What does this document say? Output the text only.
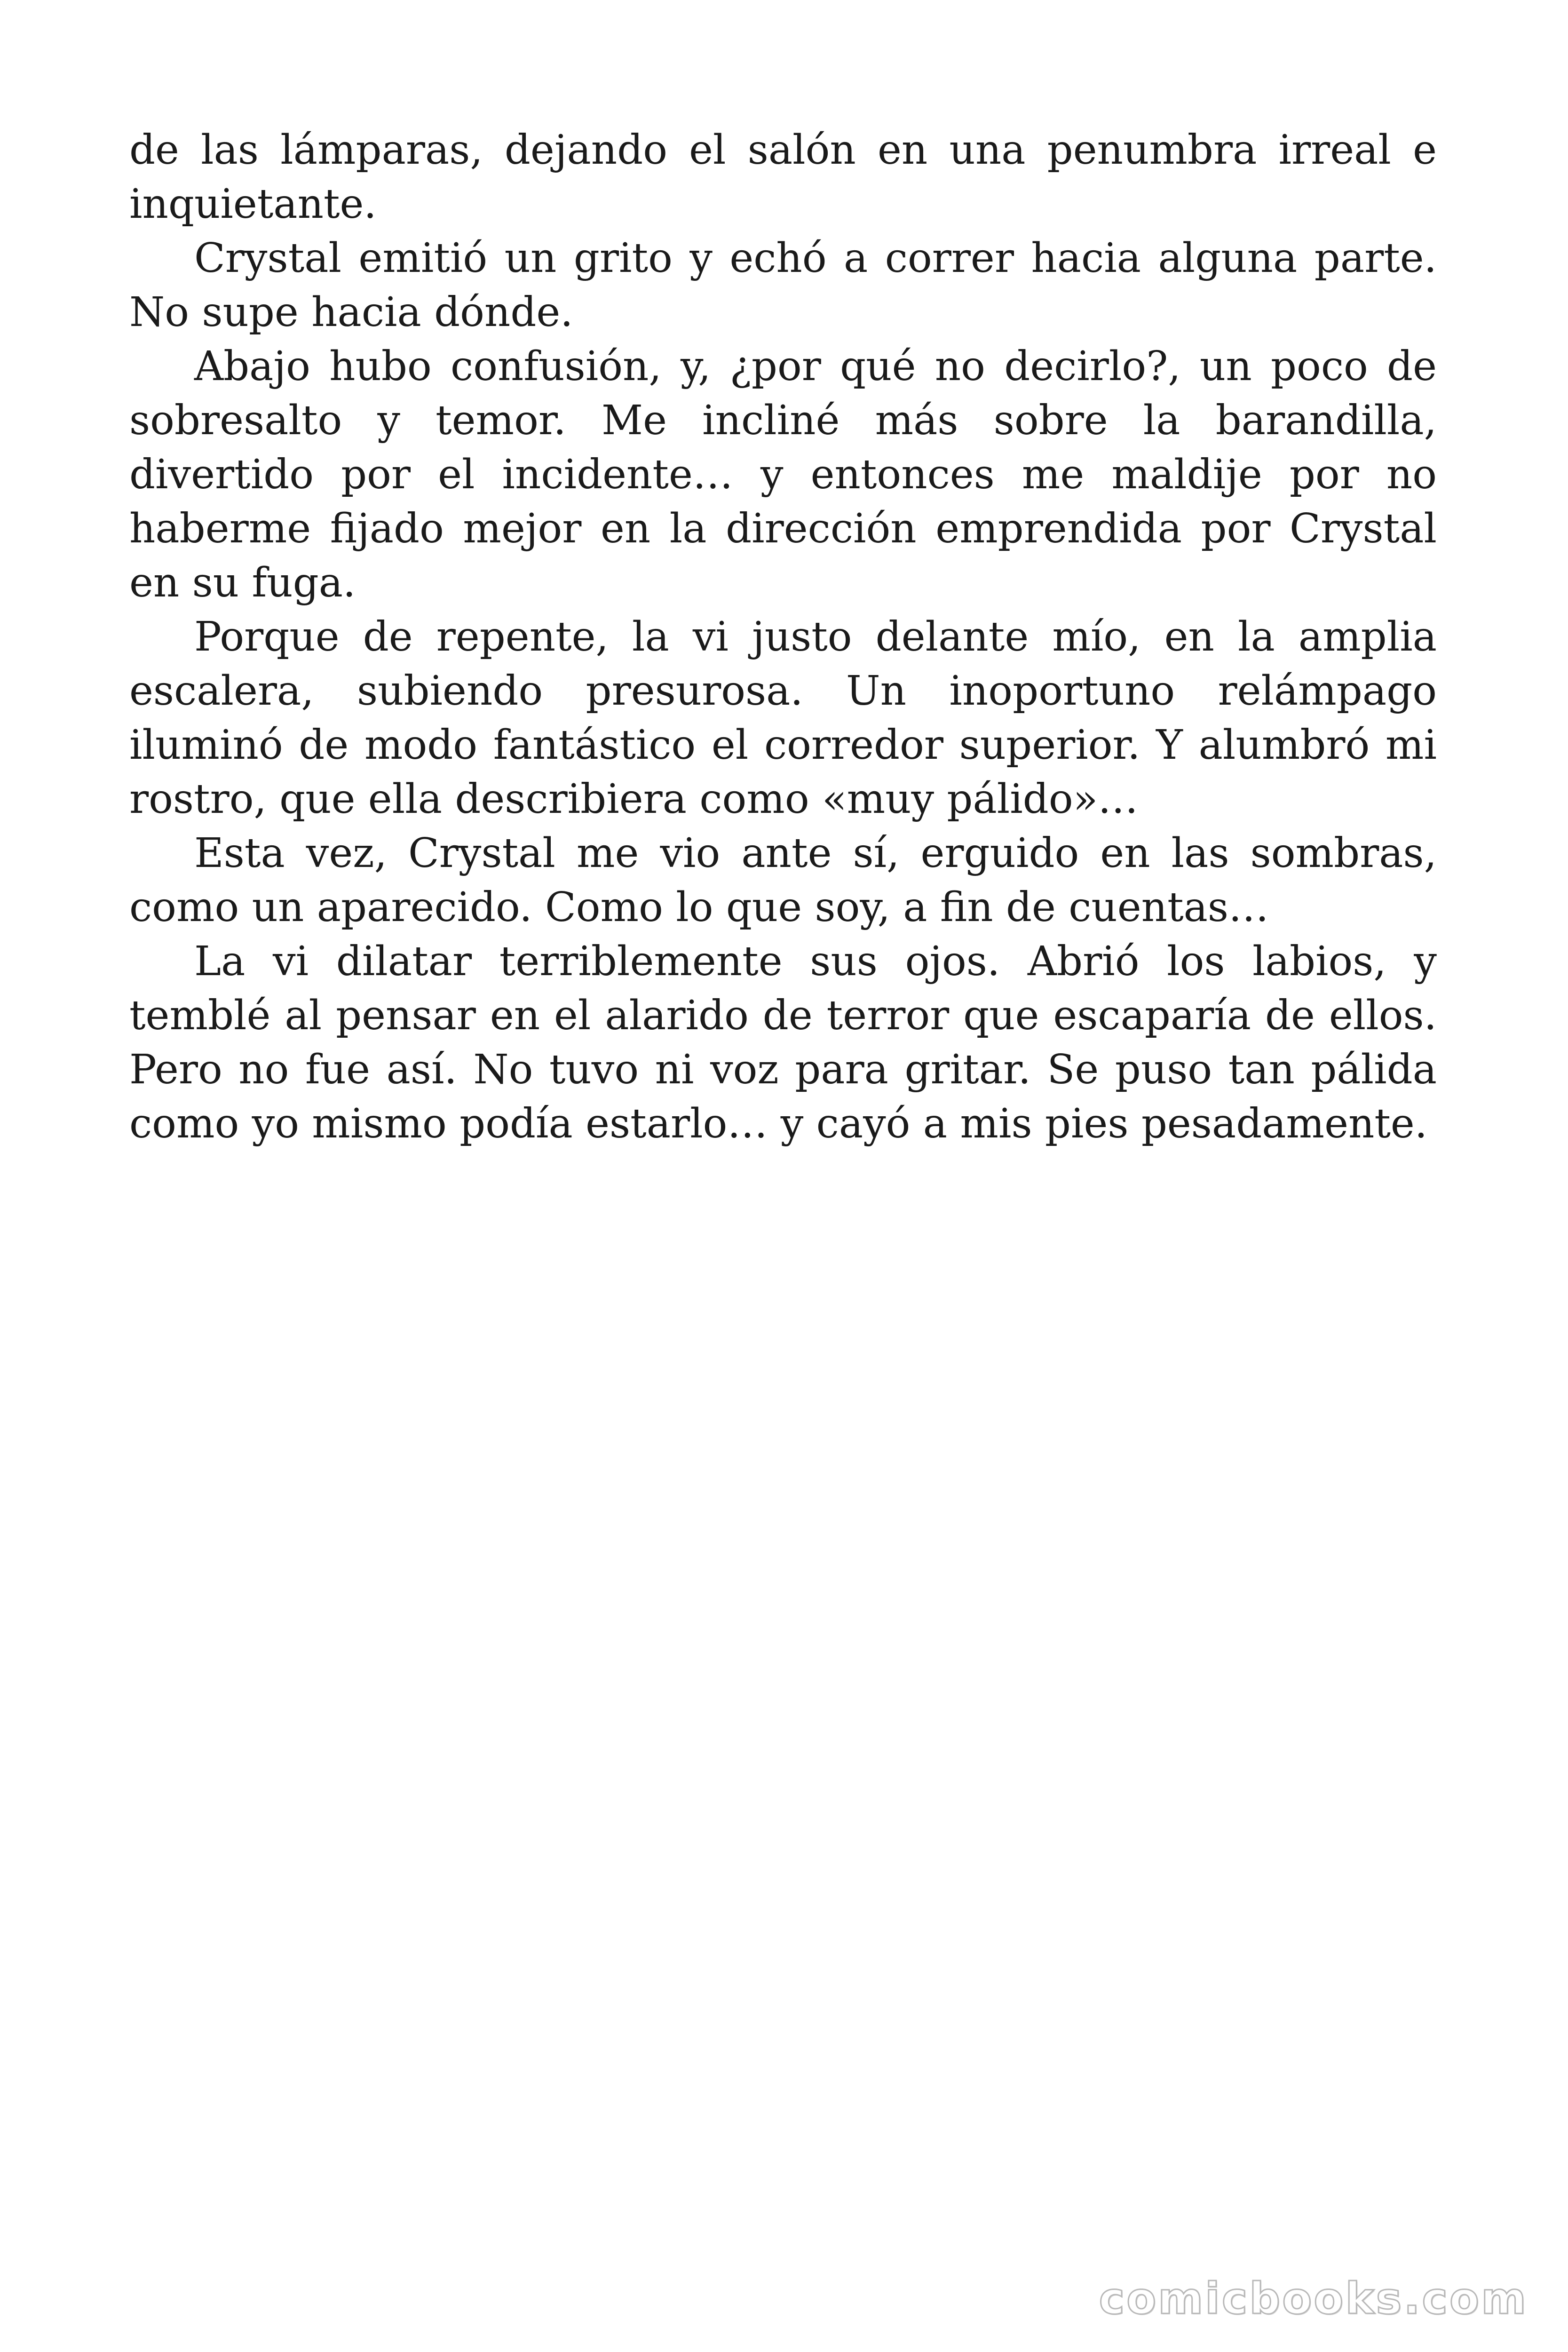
de las lámparas, dejando el salón en una penumbra irreal e inquietante.

Crystal emitió un grito y echó a correr hacia alguna parte. No supe hacia dónde.

Abajo hubo confusión, y, ¿por qué no decirlo?, un poco de sobresalto y temor. Me incliné más sobre la barandilla, divertido por el incidente… y entonces me maldije por no haberme fijado mejor en la dirección emprendida por Crystal en su fuga.

Porque de repente, la vi justo delante mío, en la amplia escalera, subiendo presurosa. Un inoportuno relámpago iluminó de modo fantástico el corredor superior. Y alumbró mi rostro, que ella describiera como «muy pálido»…

Esta vez, Crystal me vio ante sí, erguido en las sombras, como un aparecido. Como lo que soy, a fin de cuentas…

La vi dilatar terriblemente sus ojos. Abrió los labios, y temblé al pensar en el alarido de terror que escaparía de ellos. Pero no fue así. No tuvo ni voz para gritar. Se puso tan pálida como yo mismo podía estarlo… y cayó a mis pies pesadamente.

comicbooks.com
